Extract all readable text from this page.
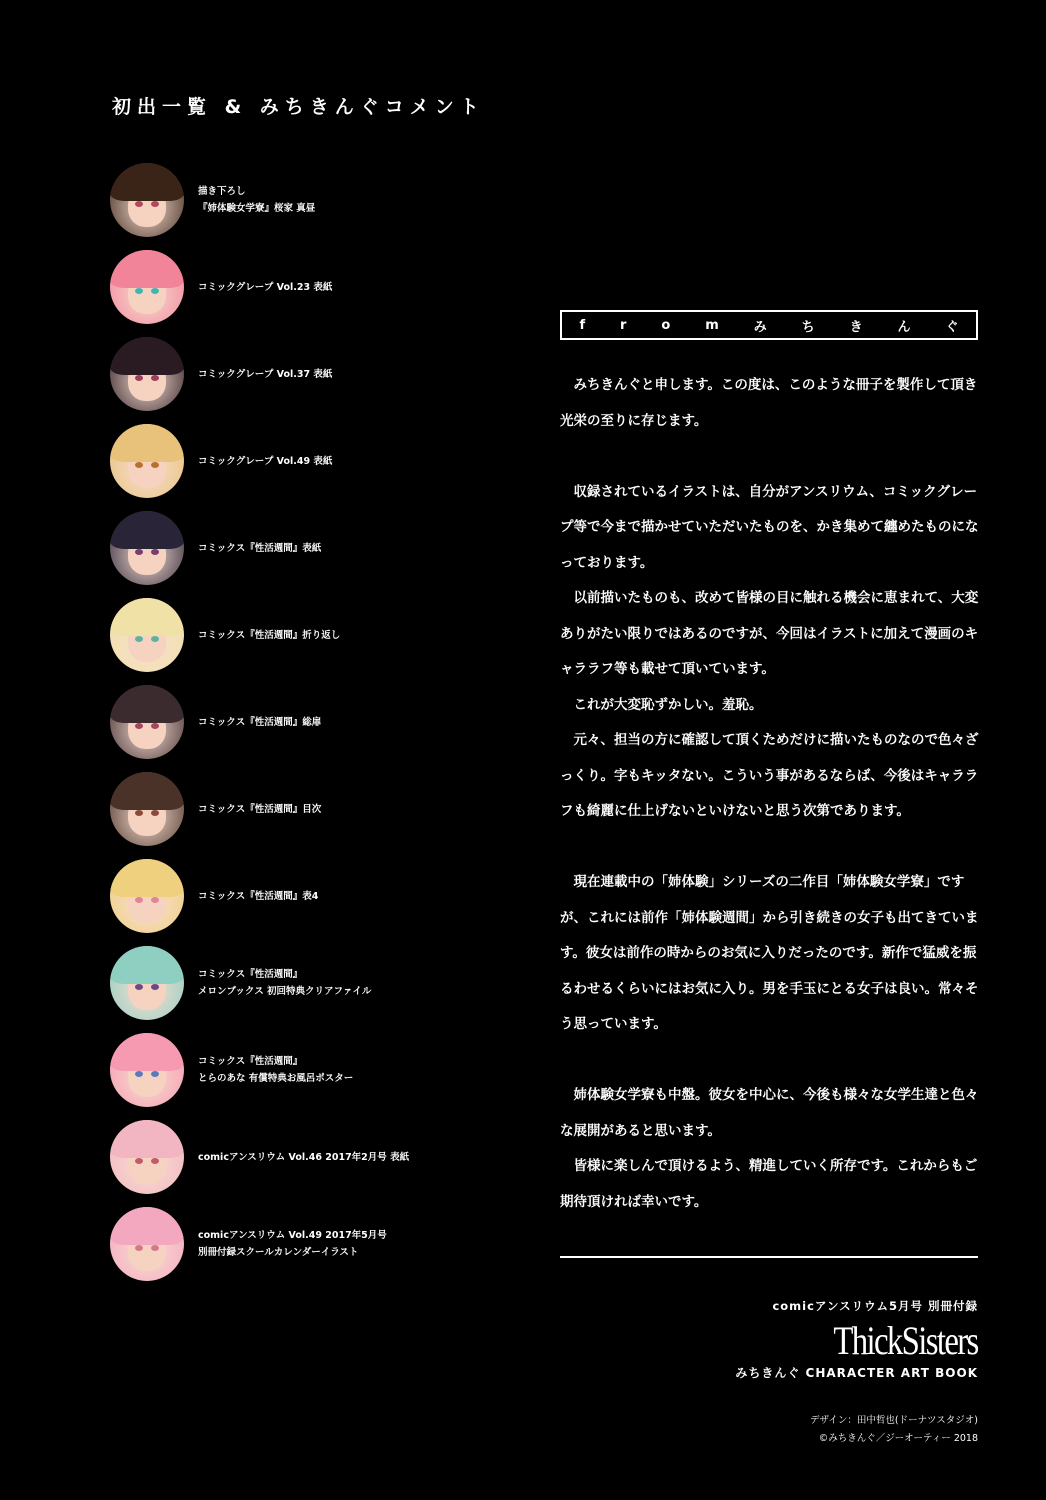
初出一覧 & みちきんぐコメント
描き下ろし
『姉体験女学寮』桜家 真昼
コミックグレープ Vol.23 表紙
コミックグレープ Vol.37 表紙
コミックグレープ Vol.49 表紙
コミックス『性活週間』表紙
コミックス『性活週間』折り返し
コミックス『性活週間』総扉
コミックス『性活週間』目次
コミックス『性活週間』表4
コミックス『性活週間』
メロンブックス 初回特典クリアファイル
コミックス『性活週間』
とらのあな 有償特典お風呂ポスター
comicアンスリウム Vol.46 2017年2月号 表紙
comicアンスリウム Vol.49 2017年5月号
別冊付録スクールカレンダーイラスト
f	r	o	m	み	ち	き	ん	ぐ

　みちきんぐと申します。この度は、このような冊子を製作して頂き光栄の至りに存じます。

　収録されているイラストは、自分がアンスリウム、コミックグレープ等で今まで描かせていただいたものを、かき集めて纏めたものになっております。

　以前描いたものも、改めて皆様の目に触れる機会に恵まれて、大変ありがたい限りではあるのですが、今回はイラストに加えて漫画のキャララフ等も載せて頂いています。

　これが大変恥ずかしい。羞恥。

　元々、担当の方に確認して頂くためだけに描いたものなので色々ざっくり。字もキッタない。こういう事があるならば、今後はキャララフも綺麗に仕上げないといけないと思う次第であります。

　現在連載中の「姉体験」シリーズの二作目「姉体験女学寮」ですが、これには前作「姉体験週間」から引き続きの女子も出てきています。彼女は前作の時からのお気に入りだったのです。新作で猛威を振るわせるくらいにはお気に入り。男を手玉にとる女子は良い。常々そう思っています。

　姉体験女学寮も中盤。彼女を中心に、今後も様々な女学生達と色々な展開があると思います。

　皆様に楽しんで頂けるよう、精進していく所存です。これからもご期待頂ければ幸いです。

comicアンスリウム5月号 別冊付録
ThickSisters
みちきんぐ CHARACTER ART BOOK
デザイン：田中哲也(ドーナツスタジオ)
©みちきんぐ／ジーオーティー 2018
